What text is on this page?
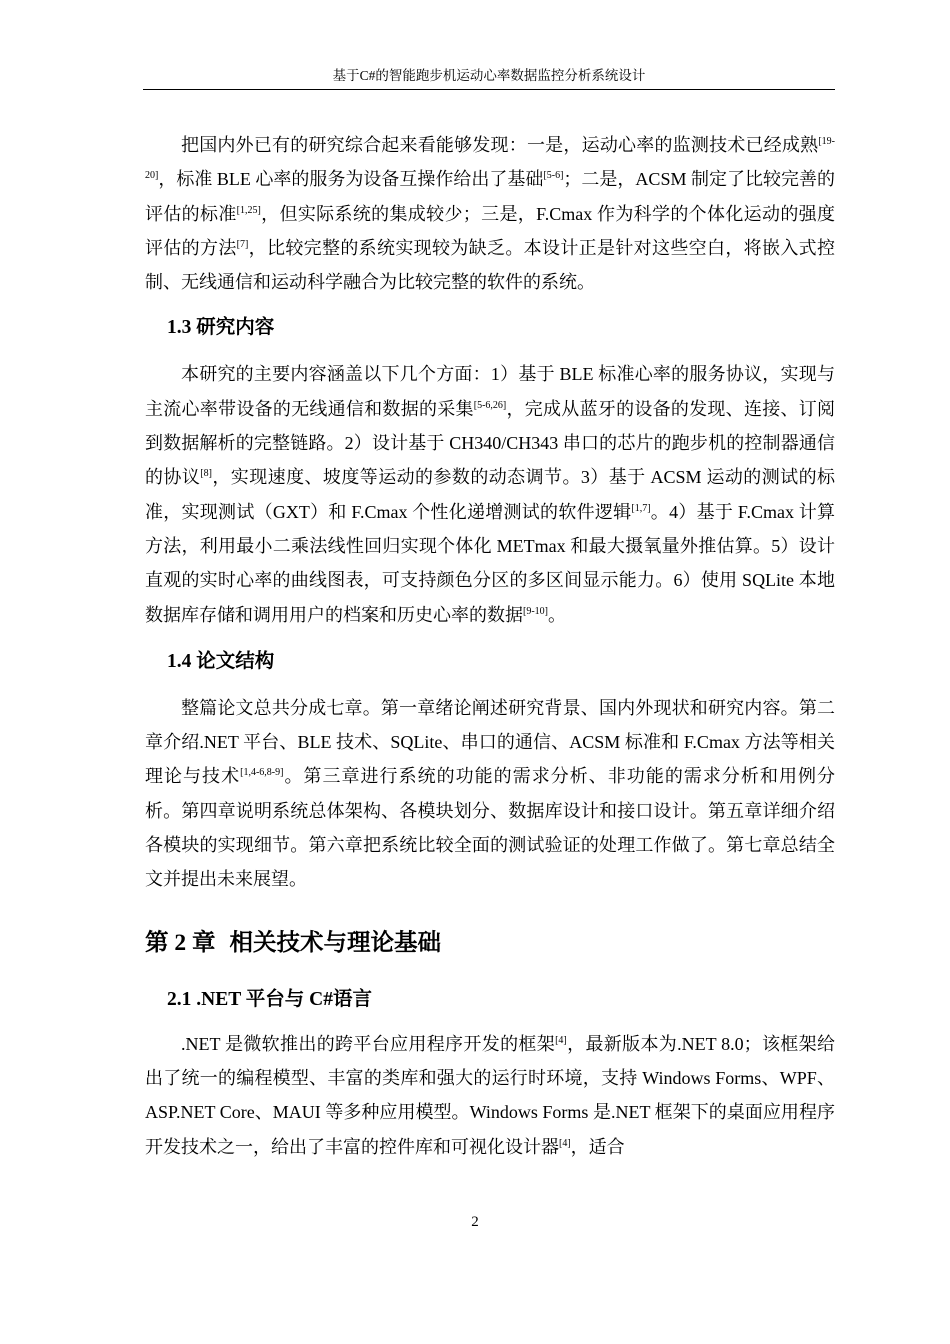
基于C#的智能跑步机运动心率数据监控分析系统设计

把国内外已有的研究综合起来看能够发现：一是，运动心率的监测技术已经成熟[19-20]，标准 BLE 心率的服务为设备互操作给出了基础[5-6]；二是，ACSM 制定了比较完善的评估的标准[1,25]，但实际系统的集成较少；三是，F.Cmax 作为科学的个体化运动的强度评估的方法[7]，比较完整的系统实现较为缺乏。本设计正是针对这些空白，将嵌入式控制、无线通信和运动科学融合为比较完整的软件的系统。

1.3 研究内容

本研究的主要内容涵盖以下几个方面：1）基于 BLE 标准心率的服务协议，实现与主流心率带设备的无线通信和数据的采集[5-6,26]，完成从蓝牙的设备的发现、连接、订阅到数据解析的完整链路。2）设计基于 CH340/CH343 串口的芯片的跑步机的控制器通信的协议[8]，实现速度、坡度等运动的参数的动态调节。3）基于 ACSM 运动的测试的标准，实现测试（GXT）和 F.Cmax 个性化递增测试的软件逻辑[1,7]。4）基于 F.Cmax 计算方法，利用最小二乘法线性回归实现个体化 METmax 和最大摄氧量外推估算。5）设计直观的实时心率的曲线图表，可支持颜色分区的多区间显示能力。6）使用 SQLite 本地数据库存储和调用用户的档案和历史心率的数据[9-10]。

1.4 论文结构

整篇论文总共分成七章。第一章绪论阐述研究背景、国内外现状和研究内容。第二章介绍.NET 平台、BLE 技术、SQLite、串口的通信、ACSM 标准和 F.Cmax 方法等相关理论与技术[1,4-6,8-9]。第三章进行系统的功能的需求分析、非功能的需求分析和用例分析。第四章说明系统总体架构、各模块划分、数据库设计和接口设计。第五章详细介绍各模块的实现细节。第六章把系统比较全面的测试验证的处理工作做了。第七章总结全文并提出未来展望。

第 2 章 相关技术与理论基础
2.1 .NET 平台与 C#语言

.NET 是微软推出的跨平台应用程序开发的框架[4]，最新版本为.NET 8.0；该框架给出了统一的编程模型、丰富的类库和强大的运行时环境，支持 Windows Forms、WPF、ASP.NET Core、MAUI 等多种应用模型。Windows Forms 是.NET 框架下的桌面应用程序开发技术之一，给出了丰富的控件库和可视化设计器[4]，适合

2
